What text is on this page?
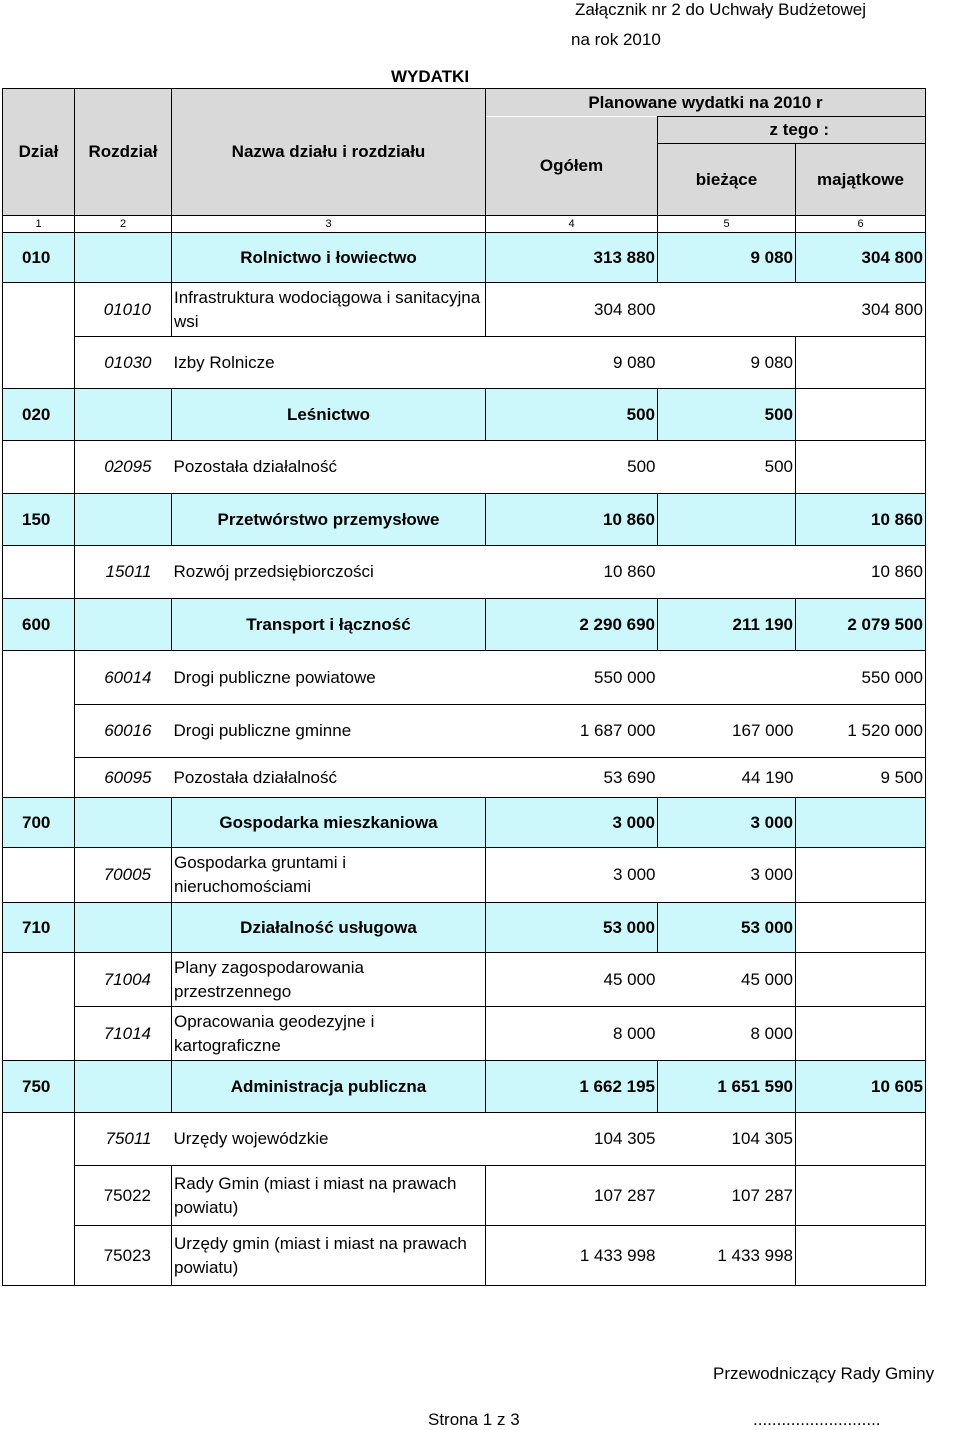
Załącznik nr 2 do Uchwały Budżetowej
na rok 2010
WYDATKI
Dział	Rozdział	Nazwa działu i rozdziału	Planowane wydatki na 2010 r		
			Ogółem	z tego :	
				bieżące	majątkowe
1	2	3	4	5	6
010		Rolnictwo i łowiectwo	313 880	9 080	304 800
	01010	Infrastruktura wodociągowa i sanitacyjna wsi	304 800		304 800
	01030	Izby Rolnicze	9 080	9 080	
020		Leśnictwo	500	500	
	02095	Pozostała działalność	500	500	
150		Przetwórstwo przemysłowe	10 860		10 860
	15011	Rozwój przedsiębiorczości	10 860		10 860
600		Transport i łączność	2 290 690	211 190	2 079 500
	60014	Drogi publiczne powiatowe	550 000		550 000
	60016	Drogi publiczne gminne	1 687 000	167 000	1 520 000
	60095	Pozostała działalność	53 690	44 190	9 500
700		Gospodarka mieszkaniowa	3 000	3 000	
	70005	Gospodarka gruntami i nieruchomościami	3 000	3 000	
710		Działalność usługowa	53 000	53 000	
	71004	Plany zagospodarowania przestrzennego	45 000	45 000	
	71014	Opracowania geodezyjne i kartograficzne	8 000	8 000	
750		Administracja publiczna	1 662 195	1 651 590	10 605
	75011	Urzędy wojewódzkie	104 305	104 305	
	75022	Rady Gmin (miast i miast na prawach powiatu)	107 287	107 287	
	75023	Urzędy gmin (miast i miast na prawach powiatu)	1 433 998	1 433 998	
Przewodniczący Rady Gminy
Strona 1 z 3	...........................
